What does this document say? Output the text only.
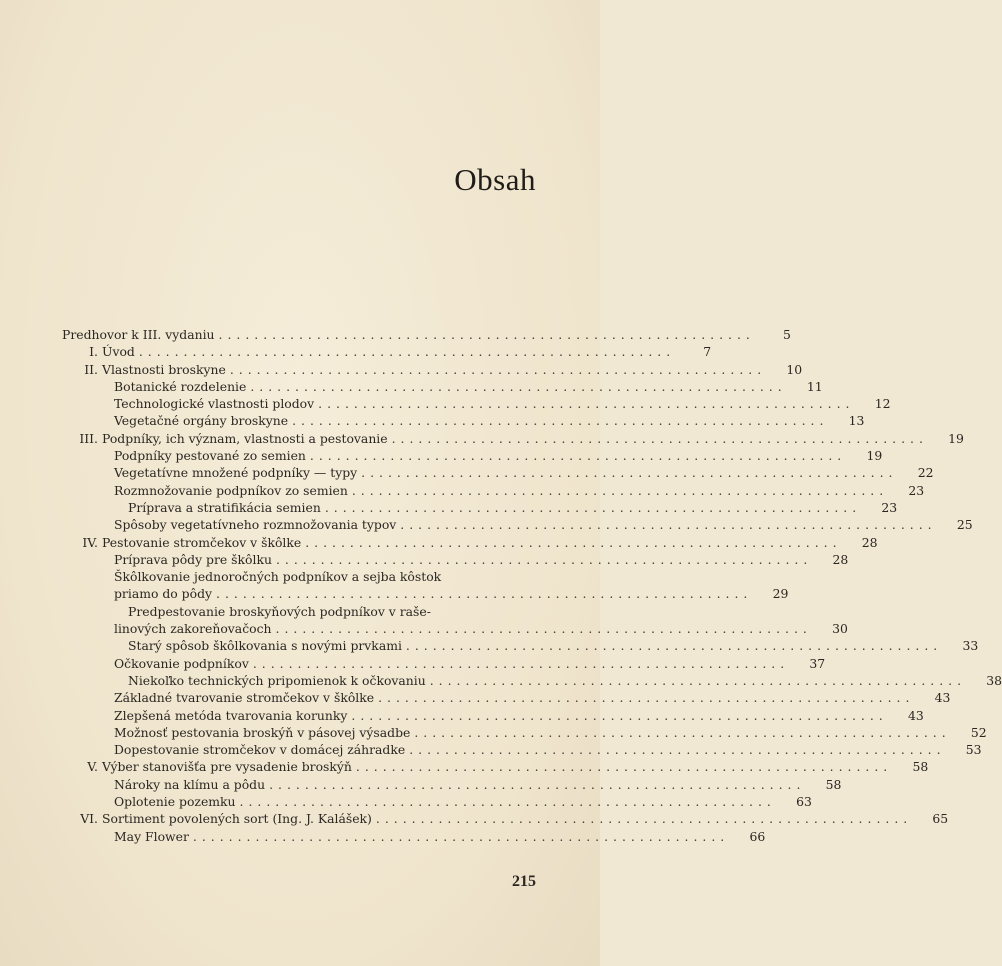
Obsah
Predhovor k III. vydaniu ............................................................	5
I. Úvod ............................................................	7
II. Vlastnosti broskyne ............................................................	10
Botanické rozdelenie ............................................................	11
Technologické vlastnosti plodov ............................................................	12
Vegetačné orgány broskyne ............................................................	13
III. Podpníky, ich význam, vlastnosti a pestovanie ............................................................	19
Podpníky pestované zo semien ............................................................	19
Vegetatívne množené podpníky — typy ............................................................	22
Rozmnožovanie podpníkov zo semien ............................................................	23
Príprava a stratifikácia semien ............................................................	23
Spôsoby vegetatívneho rozmnožovania typov ............................................................	25
IV. Pestovanie stromčekov v škôlke ............................................................	28
Príprava pôdy pre škôlku ............................................................	28
Škôlkovanie jednoročných podpníkov a sejba kôstok
priamo do pôdy ............................................................	29
Predpestovanie broskyňových podpníkov v raše-
linových zakoreňovačoch ............................................................	30
Starý spôsob škôlkovania s novými prvkami ............................................................	33
Očkovanie podpníkov ............................................................	37
Niekoľko technických pripomienok k očkovaniu ............................................................	38
Základné tvarovanie stromčekov v škôlke ............................................................	43
Zlepšená metóda tvarovania korunky ............................................................	43
Možnosť pestovania broskýň v pásovej výsadbe ............................................................	52
Dopestovanie stromčekov v domácej záhradke ............................................................	53
V. Výber stanovišťa pre vysadenie broskýň ............................................................	58
Nároky na klímu a pôdu ............................................................	58
Oplotenie pozemku ............................................................	63
VI. Sortiment povolených sort (Ing. J. Kalášek) ............................................................	65
May Flower ............................................................	66
215
